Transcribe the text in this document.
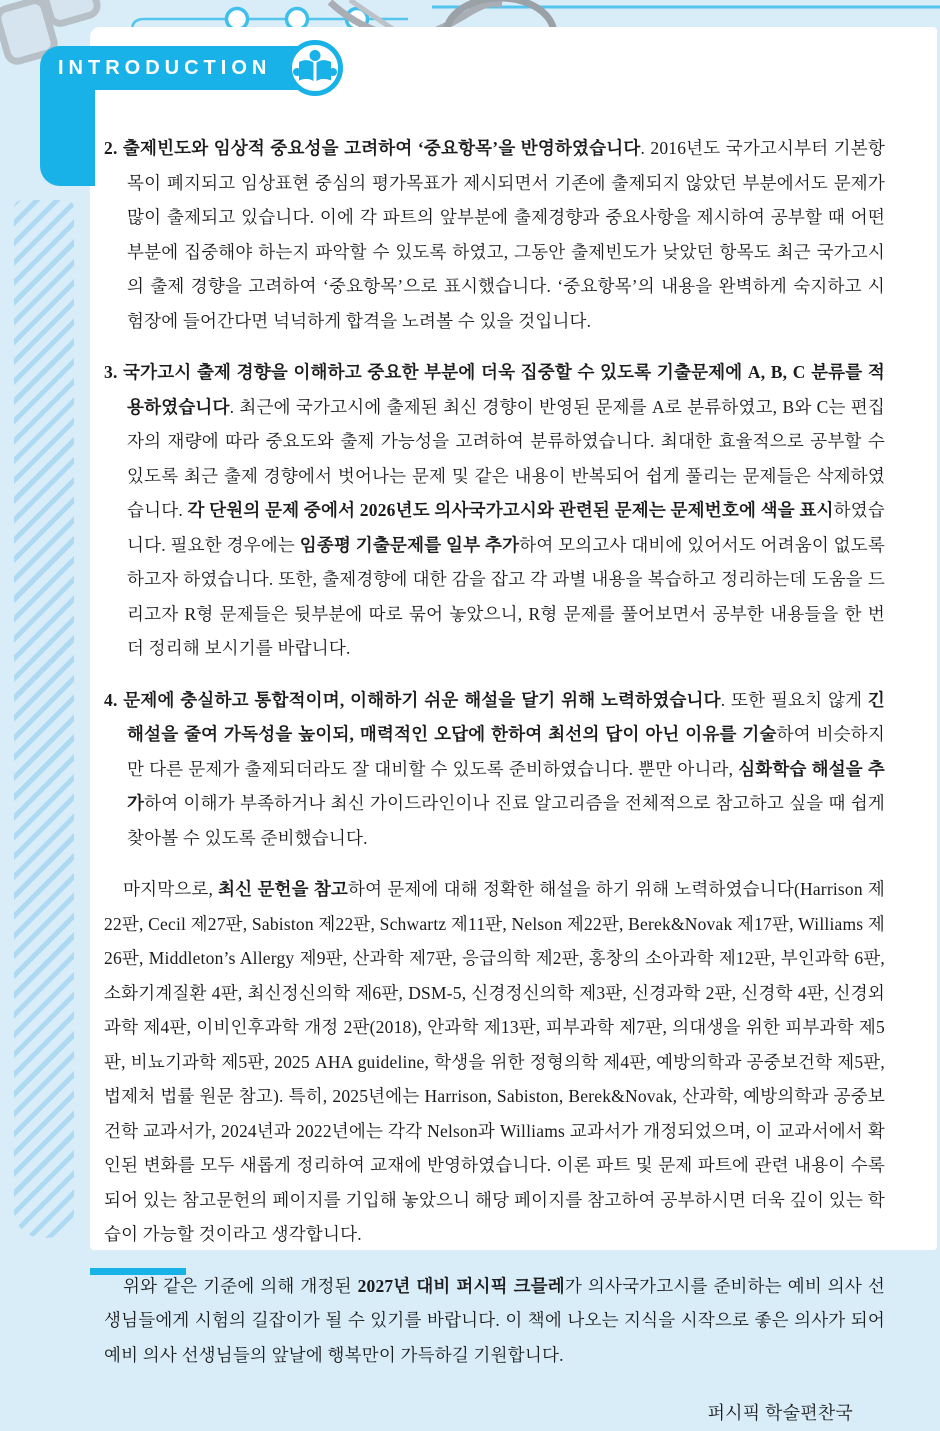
INTRODUCTION
2. 출제빈도와 임상적 중요성을 고려하여 ‘중요항목’을 반영하였습니다. 2016년도 국가고시부터 기본항목이 폐지되고 임상표현 중심의 평가목표가 제시되면서 기존에 출제되지 않았던 부분에서도 문제가 많이 출제되고 있습니다. 이에 각 파트의 앞부분에 출제경향과 중요사항을 제시하여 공부할 때 어떤 부분에 집중해야 하는지 파악할 수 있도록 하였고, 그동안 출제빈도가 낮았던 항목도 최근 국가고시의 출제 경향을 고려하여 ‘중요항목’으로 표시했습니다. ‘중요항목’의 내용을 완벽하게 숙지하고 시험장에 들어간다면 넉넉하게 합격을 노려볼 수 있을 것입니다.
3. 국가고시 출제 경향을 이해하고 중요한 부분에 더욱 집중할 수 있도록 기출문제에 A, B, C 분류를 적용하였습니다. 최근에 국가고시에 출제된 최신 경향이 반영된 문제를 A로 분류하였고, B와 C는 편집자의 재량에 따라 중요도와 출제 가능성을 고려하여 분류하였습니다. 최대한 효율적으로 공부할 수 있도록 최근 출제 경향에서 벗어나는 문제 및 같은 내용이 반복되어 쉽게 풀리는 문제들은 삭제하였습니다. 각 단원의 문제 중에서 2026년도 의사국가고시와 관련된 문제는 문제번호에 색을 표시하였습니다. 필요한 경우에는 임종평 기출문제를 일부 추가하여 모의고사 대비에 있어서도 어려움이 없도록 하고자 하였습니다. 또한, 출제경향에 대한 감을 잡고 각 과별 내용을 복습하고 정리하는데 도움을 드리고자 R형 문제들은 뒷부분에 따로 묶어 놓았으니, R형 문제를 풀어보면서 공부한 내용들을 한 번 더 정리해 보시기를 바랍니다.
4. 문제에 충실하고 통합적이며, 이해하기 쉬운 해설을 달기 위해 노력하였습니다. 또한 필요치 않게 긴 해설을 줄여 가독성을 높이되, 매력적인 오답에 한하여 최선의 답이 아닌 이유를 기술하여 비슷하지만 다른 문제가 출제되더라도 잘 대비할 수 있도록 준비하였습니다. 뿐만 아니라, 심화학습 해설을 추가하여 이해가 부족하거나 최신 가이드라인이나 진료 알고리즘을 전체적으로 참고하고 싶을 때 쉽게 찾아볼 수 있도록 준비했습니다.
마지막으로, 최신 문헌을 참고하여 문제에 대해 정확한 해설을 하기 위해 노력하였습니다(Harrison 제22판, Cecil 제27판, Sabiston 제22판, Schwartz 제11판, Nelson 제22판, Berek&Novak 제17판, Williams 제26판, Middleton’s Allergy 제9판, 산과학 제7판, 응급의학 제2판, 홍창의 소아과학 제12판, 부인과학 6판, 소화기계질환 4판, 최신정신의학 제6판, DSM-5, 신경정신의학 제3판, 신경과학 2판, 신경학 4판, 신경외과학 제4판, 이비인후과학 개정 2판(2018), 안과학 제13판, 피부과학 제7판, 의대생을 위한 피부과학 제5판, 비뇨기과학 제5판, 2025 AHA guideline, 학생을 위한 정형의학 제4판, 예방의학과 공중보건학 제5판, 법제처 법률 원문 참고). 특히, 2025년에는 Harrison, Sabiston, Berek&Novak, 산과학, 예방의학과 공중보건학 교과서가, 2024년과 2022년에는 각각 Nelson과 Williams 교과서가 개정되었으며, 이 교과서에서 확인된 변화를 모두 새롭게 정리하여 교재에 반영하였습니다. 이론 파트 및 문제 파트에 관련 내용이 수록되어 있는 참고문헌의 페이지를 기입해 놓았으니 해당 페이지를 참고하여 공부하시면 더욱 깊이 있는 학습이 가능할 것이라고 생각합니다.
위와 같은 기준에 의해 개정된 2027년 대비 퍼시픽 크믈레가 의사국가고시를 준비하는 예비 의사 선생님들에게 시험의 길잡이가 될 수 있기를 바랍니다. 이 책에 나오는 지식을 시작으로 좋은 의사가 되어 예비 의사 선생님들의 앞날에 행복만이 가득하길 기원합니다.
퍼시픽 학술편찬국
